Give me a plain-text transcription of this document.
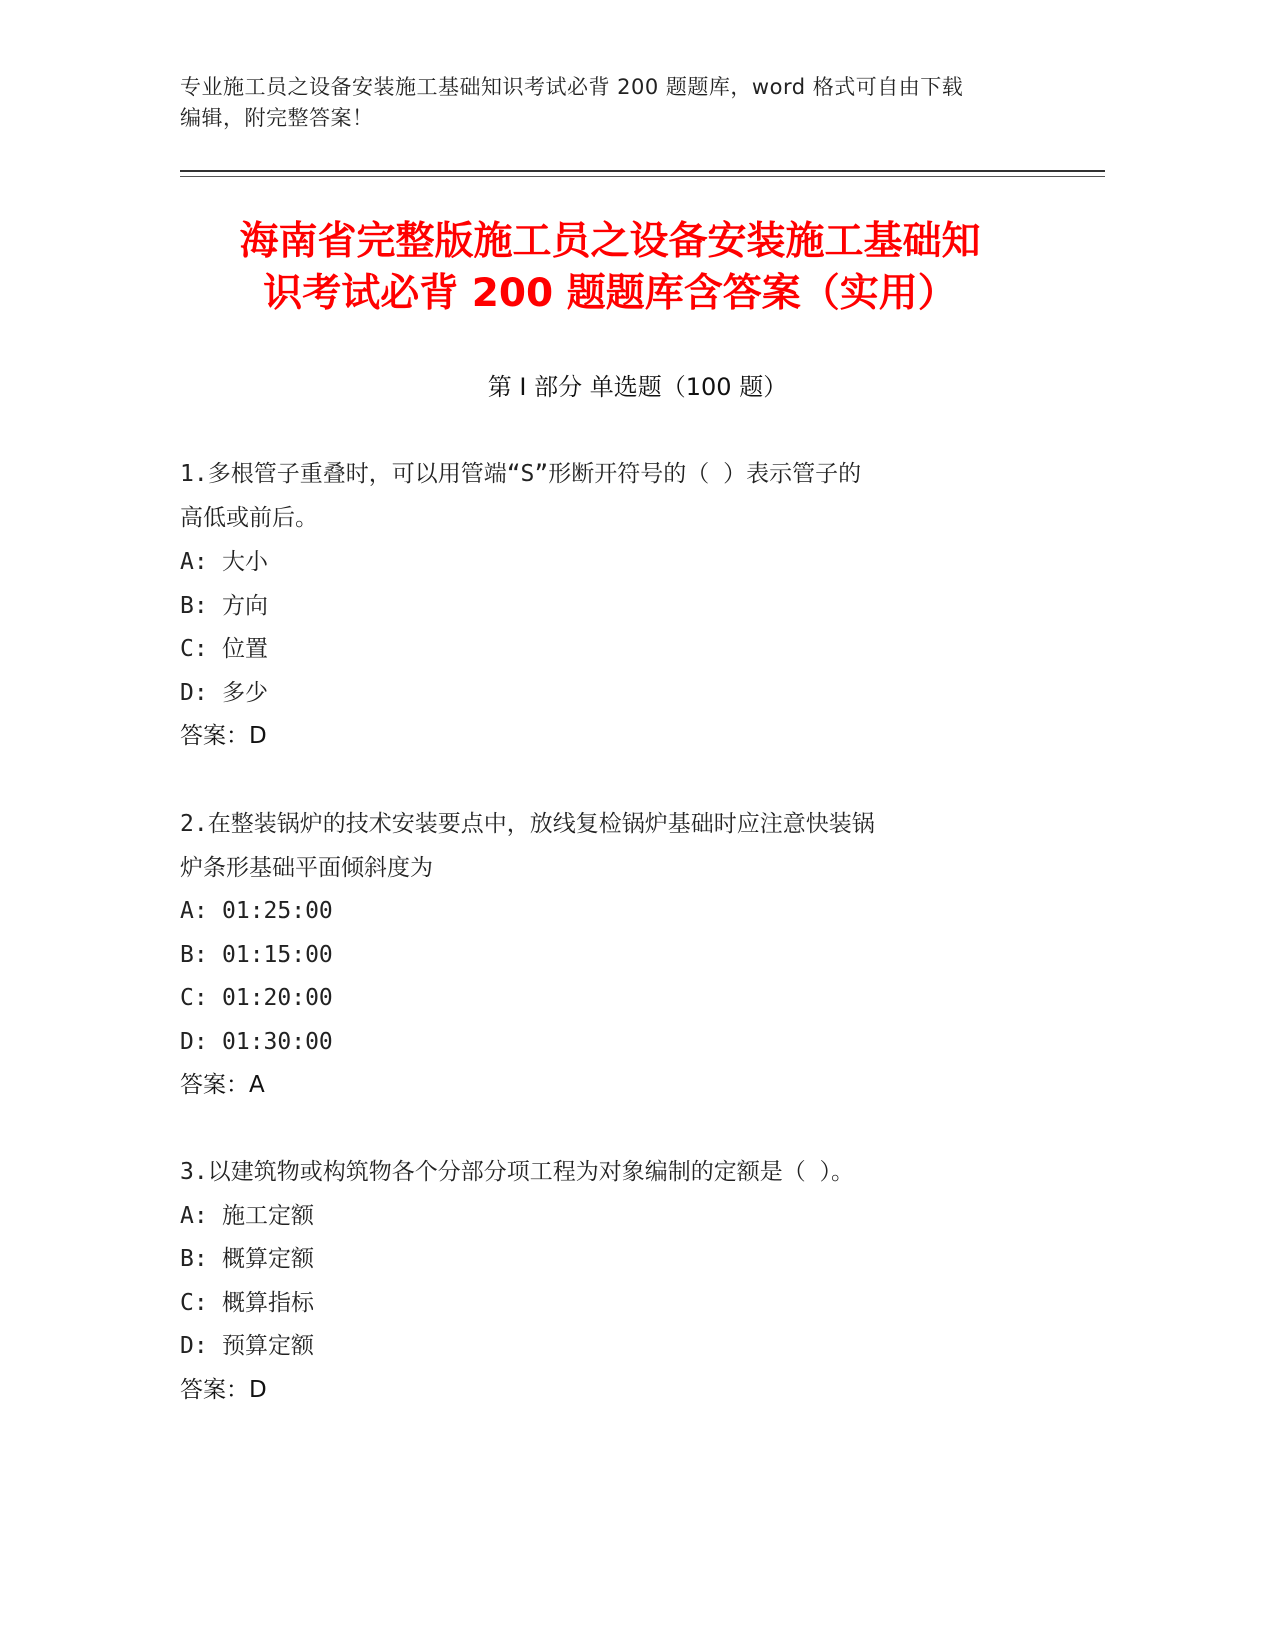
专业施工员之设备安装施工基础知识考试必背 200 题题库，word 格式可自由下载
编辑，附完整答案！
海南省完整版施工员之设备安装施工基础知
识考试必背 200 题题库含答案（实用）
第 I 部分 单选题（100 题）
1.多根管子重叠时，可以用管端“S”形断开符号的（ ）表示管子的
高低或前后。
A: 大小
B: 方向
C: 位置
D: 多少
答案：D
2.在整装锅炉的技术安装要点中，放线复检锅炉基础时应注意快装锅
炉条形基础平面倾斜度为
A: 01:25:00
B: 01:15:00
C: 01:20:00
D: 01:30:00
答案：A
3.以建筑物或构筑物各个分部分项工程为对象编制的定额是（ ）。
A: 施工定额
B: 概算定额
C: 概算指标
D: 预算定额
答案：D
